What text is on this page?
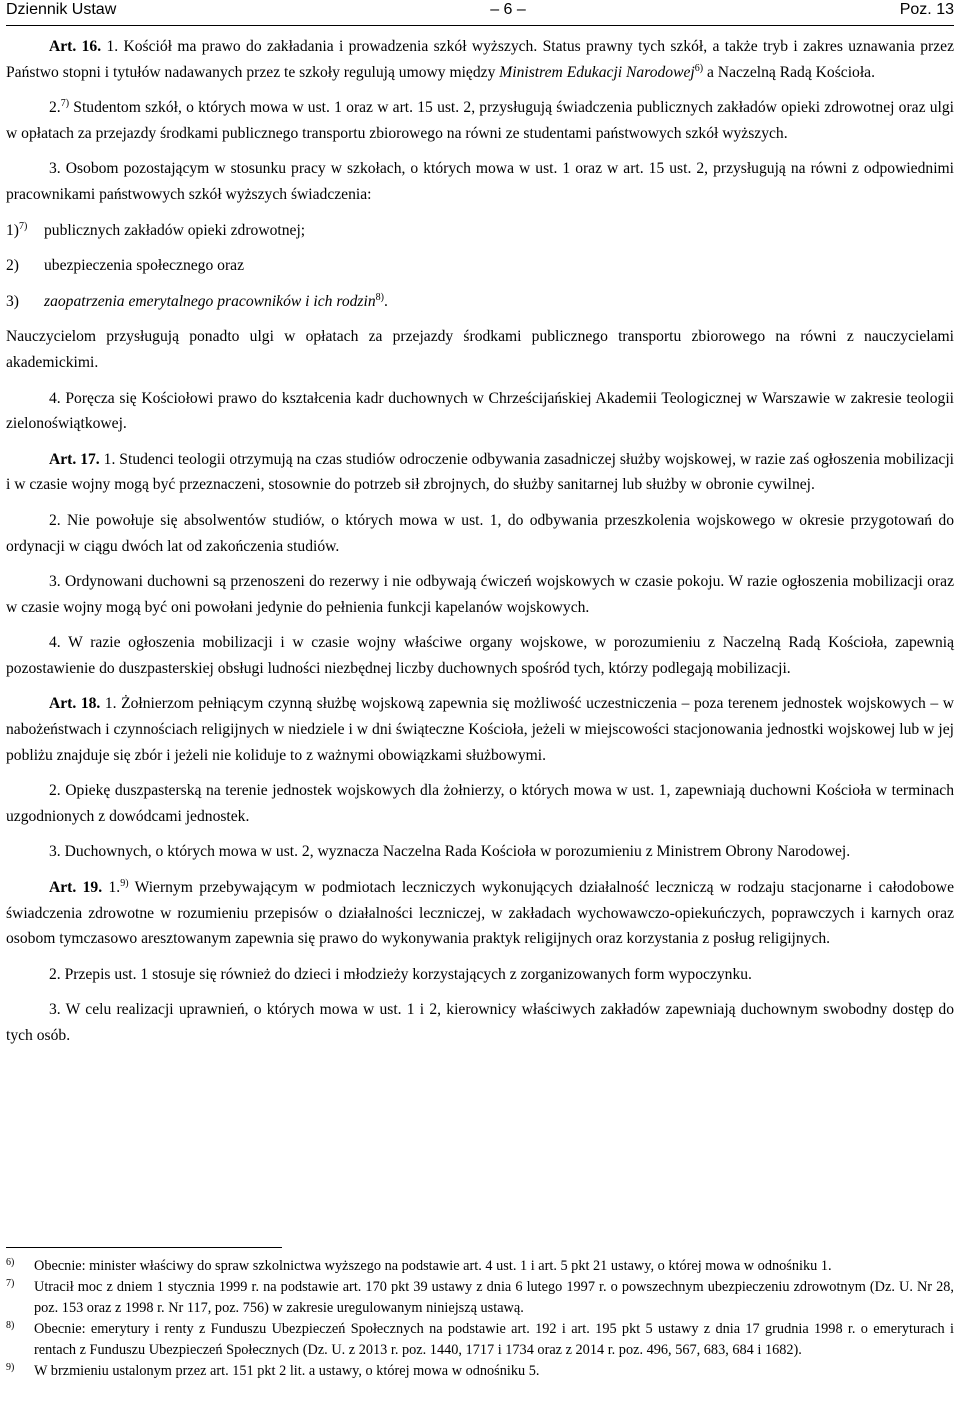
Dziennik Ustaw	– 6 –	Poz. 13

Art. 16. 1. Kościół ma prawo do zakładania i prowadzenia szkół wyższych. Status prawny tych szkół, a także tryb i zakres uznawania przez Państwo stopni i tytułów nadawanych przez te szkoły regulują umowy między Ministrem Edukacji Narodowej$^{6)}$ a Naczelną Radą Kościoła.

2.$^{7)}$ Studentom szkół, o których mowa w ust. 1 oraz w art. 15 ust. 2, przysługują świadczenia publicznych zakładów opieki zdrowotnej oraz ulgi w opłatach za przejazdy środkami publicznego transportu zbiorowego na równi ze studentami państwowych szkół wyższych.

3. Osobom pozostającym w stosunku pracy w szkołach, o których mowa w ust. 1 oraz w art. 15 ust. 2, przysługują na równi z odpowiednimi pracownikami państwowych szkół wyższych świadczenia:

1)$^{7)}$	publicznych zakładów opieki zdrowotnej;
2)	ubezpieczenia społecznego oraz
3)	zaopatrzenia emerytalnego pracowników i ich rodzin$^{8)}$.

Nauczycielom przysługują ponadto ulgi w opłatach za przejazdy środkami publicznego transportu zbiorowego na równi z nauczycielami akademickimi.

4. Poręcza się Kościołowi prawo do kształcenia kadr duchownych w Chrześcijańskiej Akademii Teologicznej w Warszawie w zakresie teologii zielonoświątkowej.

Art. 17. 1. Studenci teologii otrzymują na czas studiów odroczenie odbywania zasadniczej służby wojskowej, w razie zaś ogłoszenia mobilizacji i w czasie wojny mogą być przeznaczeni, stosownie do potrzeb sił zbrojnych, do służby sanitarnej lub służby w obronie cywilnej.

2. Nie powołuje się absolwentów studiów, o których mowa w ust. 1, do odbywania przeszkolenia wojskowego w okresie przygotowań do ordynacji w ciągu dwóch lat od zakończenia studiów.

3. Ordynowani duchowni są przenoszeni do rezerwy i nie odbywają ćwiczeń wojskowych w czasie pokoju. W razie ogłoszenia mobilizacji oraz w czasie wojny mogą być oni powołani jedynie do pełnienia funkcji kapelanów wojskowych.

4. W razie ogłoszenia mobilizacji i w czasie wojny właściwe organy wojskowe, w porozumieniu z Naczelną Radą Kościoła, zapewnią pozostawienie do duszpasterskiej obsługi ludności niezbędnej liczby duchownych spośród tych, którzy podlegają mobilizacji.

Art. 18. 1. Żołnierzom pełniącym czynną służbę wojskową zapewnia się możliwość uczestniczenia – poza terenem jednostek wojskowych – w nabożeństwach i czynnościach religijnych w niedziele i w dni świąteczne Kościoła, jeżeli w miejscowości stacjonowania jednostki wojskowej lub w jej pobliżu znajduje się zbór i jeżeli nie koliduje to z ważnymi obowiązkami służbowymi.

2. Opiekę duszpasterską na terenie jednostek wojskowych dla żołnierzy, o których mowa w ust. 1, zapewniają duchowni Kościoła w terminach uzgodnionych z dowódcami jednostek.

3. Duchownych, o których mowa w ust. 2, wyznacza Naczelna Rada Kościoła w porozumieniu z Ministrem Obrony Narodowej.

Art. 19. 1.$^{9)}$ Wiernym przebywającym w podmiotach leczniczych wykonujących działalność leczniczą w rodzaju stacjonarne i całodobowe świadczenia zdrowotne w rozumieniu przepisów o działalności leczniczej, w zakładach wychowawczo-opiekuńczych, poprawczych i karnych oraz osobom tymczasowo aresztowanym zapewnia się prawo do wykonywania praktyk religijnych oraz korzystania z posług religijnych.

2. Przepis ust. 1 stosuje się również do dzieci i młodzieży korzystających z zorganizowanych form wypoczynku.

3. W celu realizacji uprawnień, o których mowa w ust. 1 i 2, kierownicy właściwych zakładów zapewniają duchownym swobodny dostęp do tych osób.

6)	Obecnie: minister właściwy do spraw szkolnictwa wyższego na podstawie art. 4 ust. 1 i art. 5 pkt 21 ustawy, o której mowa w odnośniku 1.
7)	Utracił moc z dniem 1 stycznia 1999 r. na podstawie art. 170 pkt 39 ustawy z dnia 6 lutego 1997 r. o powszechnym ubezpieczeniu zdrowotnym (Dz. U. Nr 28, poz. 153 oraz z 1998 r. Nr 117, poz. 756) w zakresie uregulowanym niniejszą ustawą.
8)	Obecnie: emerytury i renty z Funduszu Ubezpieczeń Społecznych na podstawie art. 192 i art. 195 pkt 5 ustawy z dnia 17 grudnia 1998 r. o emeryturach i rentach z Funduszu Ubezpieczeń Społecznych (Dz. U. z 2013 r. poz. 1440, 1717 i 1734 oraz z 2014 r. poz. 496, 567, 683, 684 i 1682).
9)	W brzmieniu ustalonym przez art. 151 pkt 2 lit. a ustawy, o której mowa w odnośniku 5.
